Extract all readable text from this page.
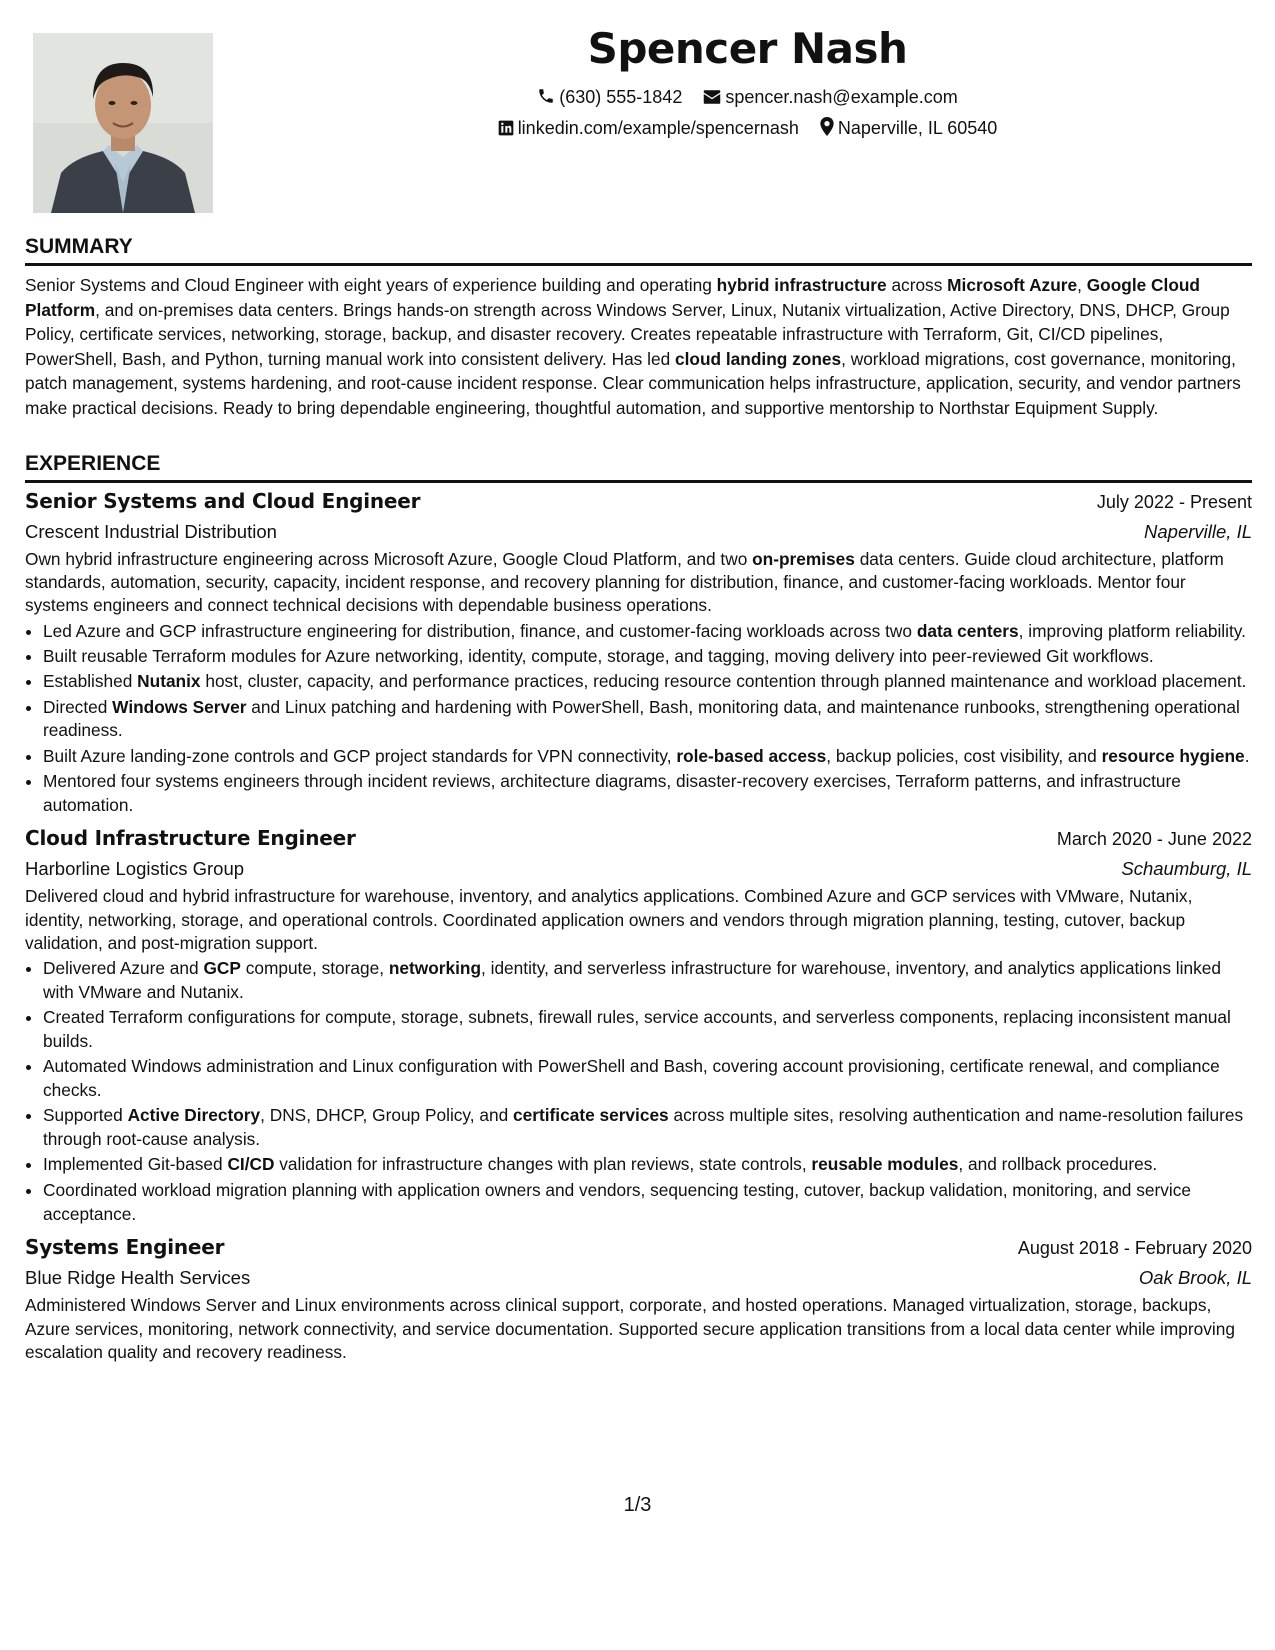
Spencer Nash
(630) 555-1842 spencer.nash@example.com
linkedin.com/example/spencernash Naperville, IL 60540
SUMMARY

Senior Systems and Cloud Engineer with eight years of experience building and operating hybrid infrastructure across Microsoft Azure, Google Cloud Platform, and on-premises data centers. Brings hands-on strength across Windows Server, Linux, Nutanix virtualization, Active Directory, DNS, DHCP, Group Policy, certificate services, networking, storage, backup, and disaster recovery. Creates repeatable infrastructure with Terraform, Git, CI/CD pipelines, PowerShell, Bash, and Python, turning manual work into consistent delivery. Has led cloud landing zones, workload migrations, cost governance, monitoring, patch management, systems hardening, and root-cause incident response. Clear communication helps infrastructure, application, security, and vendor partners make practical decisions. Ready to bring dependable engineering, thoughtful automation, and supportive mentorship to Northstar Equipment Supply.

EXPERIENCE
Senior Systems and Cloud Engineer	July 2022 - Present
Crescent Industrial Distribution	Naperville, IL

Own hybrid infrastructure engineering across Microsoft Azure, Google Cloud Platform, and two on-premises data centers. Guide cloud architecture, platform standards, automation, security, capacity, incident response, and recovery planning for distribution, finance, and customer-facing workloads. Mentor four systems engineers and connect technical decisions with dependable business operations.

• Led Azure and GCP infrastructure engineering for distribution, finance, and customer-facing workloads across two data centers, improving platform reliability.
• Built reusable Terraform modules for Azure networking, identity, compute, storage, and tagging, moving delivery into peer-reviewed Git workflows.
• Established Nutanix host, cluster, capacity, and performance practices, reducing resource contention through planned maintenance and workload placement.
• Directed Windows Server and Linux patching and hardening with PowerShell, Bash, monitoring data, and maintenance runbooks, strengthening operational readiness.
• Built Azure landing-zone controls and GCP project standards for VPN connectivity, role-based access, backup policies, cost visibility, and resource hygiene.
• Mentored four systems engineers through incident reviews, architecture diagrams, disaster-recovery exercises, Terraform patterns, and infrastructure automation.
Cloud Infrastructure Engineer	March 2020 - June 2022
Harborline Logistics Group	Schaumburg, IL

Delivered cloud and hybrid infrastructure for warehouse, inventory, and analytics applications. Combined Azure and GCP services with VMware, Nutanix, identity, networking, storage, and operational controls. Coordinated application owners and vendors through migration planning, testing, cutover, backup validation, and post-migration support.

• Delivered Azure and GCP compute, storage, networking, identity, and serverless infrastructure for warehouse, inventory, and analytics applications linked with VMware and Nutanix.
• Created Terraform configurations for compute, storage, subnets, firewall rules, service accounts, and serverless components, replacing inconsistent manual builds.
• Automated Windows administration and Linux configuration with PowerShell and Bash, covering account provisioning, certificate renewal, and compliance checks.
• Supported Active Directory, DNS, DHCP, Group Policy, and certificate services across multiple sites, resolving authentication and name-resolution failures through root-cause analysis.
• Implemented Git-based CI/CD validation for infrastructure changes with plan reviews, state controls, reusable modules, and rollback procedures.
• Coordinated workload migration planning with application owners and vendors, sequencing testing, cutover, backup validation, monitoring, and service acceptance.
Systems Engineer	August 2018 - February 2020
Blue Ridge Health Services	Oak Brook, IL

Administered Windows Server and Linux environments across clinical support, corporate, and hosted operations. Managed virtualization, storage, backups, Azure services, monitoring, network connectivity, and service documentation. Supported secure application transitions from a local data center while improving escalation quality and recovery readiness.

1/3
